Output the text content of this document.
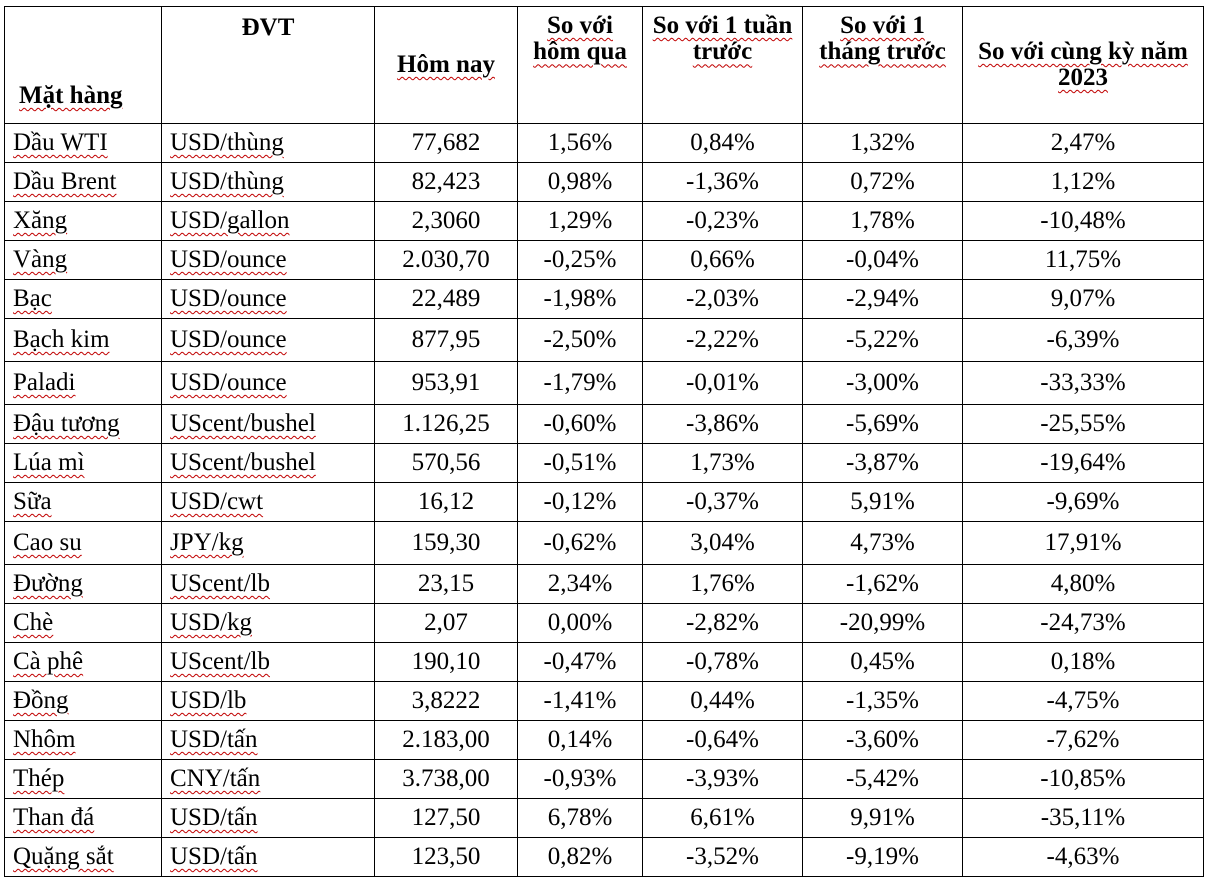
Mặt hàng	ĐVT	Hôm nay	So với hôm qua	So với 1 tuần trước	So với 1 tháng trước	So với cùng kỳ năm 2023
Dầu WTI	USD/thùng	77,682	1,56%	0,84%	1,32%	2,47%
Dầu Brent	USD/thùng	82,423	0,98%	-1,36%	0,72%	1,12%
Xăng	USD/gallon	2,3060	1,29%	-0,23%	1,78%	-10,48%
Vàng	USD/ounce	2.030,70	-0,25%	0,66%	-0,04%	11,75%
Bạc	USD/ounce	22,489	-1,98%	-2,03%	-2,94%	9,07%
Bạch kim	USD/ounce	877,95	-2,50%	-2,22%	-5,22%	-6,39%
Paladi	USD/ounce	953,91	-1,79%	-0,01%	-3,00%	-33,33%
Đậu tương	UScent/bushel	1.126,25	-0,60%	-3,86%	-5,69%	-25,55%
Lúa mì	UScent/bushel	570,56	-0,51%	1,73%	-3,87%	-19,64%
Sữa	USD/cwt	16,12	-0,12%	-0,37%	5,91%	-9,69%
Cao su	JPY/kg	159,30	-0,62%	3,04%	4,73%	17,91%
Đường	UScent/lb	23,15	2,34%	1,76%	-1,62%	4,80%
Chè	USD/kg	2,07	0,00%	-2,82%	-20,99%	-24,73%
Cà phê	UScent/lb	190,10	-0,47%	-0,78%	0,45%	0,18%
Đồng	USD/lb	3,8222	-1,41%	0,44%	-1,35%	-4,75%
Nhôm	USD/tấn	2.183,00	0,14%	-0,64%	-3,60%	-7,62%
Thép	CNY/tấn	3.738,00	-0,93%	-3,93%	-5,42%	-10,85%
Than đá	USD/tấn	127,50	6,78%	6,61%	9,91%	-35,11%
Quặng sắt	USD/tấn	123,50	0,82%	-3,52%	-9,19%	-4,63%
